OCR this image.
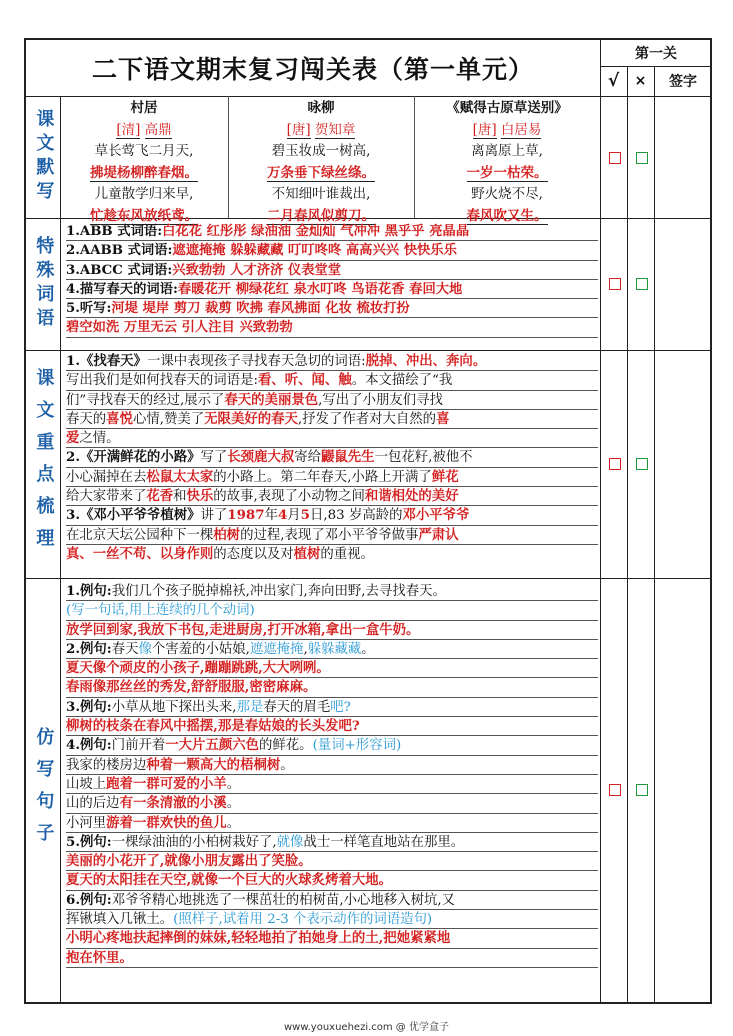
二下语文期末复习闯关表（第一单元）
第一关
√	×	签字
课文默写
特殊词语
课文重点梳理
仿写句子
村居
[清] 高鼎
草长莺飞二月天,
拂堤杨柳醉春烟。
儿童散学归来早,
忙趁东风放纸鸢。
咏柳
[唐] 贺知章
碧玉妆成一树高,
万条垂下绿丝绦。
不知细叶谁裁出,
二月春风似剪刀。
《赋得古原草送别》
[唐] 白居易
离离原上草,
一岁一枯荣。
野火烧不尽,
春风吹又生。
1.ABB 式词语:白花花 红彤彤 绿油油 金灿灿 气冲冲 黑乎乎 亮晶晶
2.AABB 式词语:遮遮掩掩 躲躲藏藏 叮叮咚咚 高高兴兴 快快乐乐
3.ABCC 式词语:兴致勃勃 人才济济 仪表堂堂
4.描写春天的词语:春暖花开 柳绿花红 泉水叮咚 鸟语花香 春回大地
5.听写:河堤 堤岸 剪刀 裁剪 吹拂 春风拂面 化妆 梳妆打扮
碧空如洗 万里无云 引人注目 兴致勃勃
1.《找春天》一课中表现孩子寻找春天急切的词语:脱掉、冲出、奔向。
写出我们是如何找春天的词语是:看、听、闻、触。本文描绘了“我
们”寻找春天的经过,展示了春天的美丽景色,写出了小朋友们寻找
春天的喜悦心情,赞美了无限美好的春天,抒发了作者对大自然的喜
爱之情。
2.《开满鲜花的小路》写了长颈鹿大叔寄给鼹鼠先生一包花籽,被他不
小心漏掉在去松鼠太太家的小路上。第二年春天,小路上开满了鲜花
给大家带来了花香和快乐的故事,表现了小动物之间和谐相处的美好
3.《邓小平爷爷植树》讲了1987年4月5日,83 岁高龄的邓小平爷爷
在北京天坛公园种下一棵柏树的过程,表现了邓小平爷爷做事严肃认
真、一丝不苟、以身作则的态度以及对植树的重视。
1.例句:我们几个孩子脱掉棉袄,冲出家门,奔向田野,去寻找春天。
(写一句话,用上连续的几个动词)
放学回到家,我放下书包,走进厨房,打开冰箱,拿出一盒牛奶。
2.例句:春天像个害羞的小姑娘,遮遮掩掩,躲躲藏藏。
夏天像个顽皮的小孩子,蹦蹦跳跳,大大咧咧。
春雨像那丝丝的秀发,舒舒服服,密密麻麻。
3.例句:小草从地下探出头来,那是春天的眉毛吧?
柳树的枝条在春风中摇摆,那是春姑娘的长头发吧?
4.例句:门前开着一大片五颜六色的鲜花。(量词+形容词)
我家的楼房边种着一颗高大的梧桐树。
山坡上跑着一群可爱的小羊。
山的后边有一条清澈的小溪。
小河里游着一群欢快的鱼儿。
5.例句:一棵绿油油的小柏树栽好了,就像战士一样笔直地站在那里。
美丽的小花开了,就像小朋友露出了笑脸。
夏天的太阳挂在天空,就像一个巨大的火球炙烤着大地。
6.例句:邓爷爷精心地挑选了一棵茁壮的柏树苗,小心地移入树坑,又
挥锹填入几锹土。(照样子,试着用 2-3 个表示动作的词语造句)
小明心疼地扶起摔倒的妹妹,轻轻地拍了拍她身上的土,把她紧紧地
抱在怀里。
www.youxuehezi.com @ 优学盒子
